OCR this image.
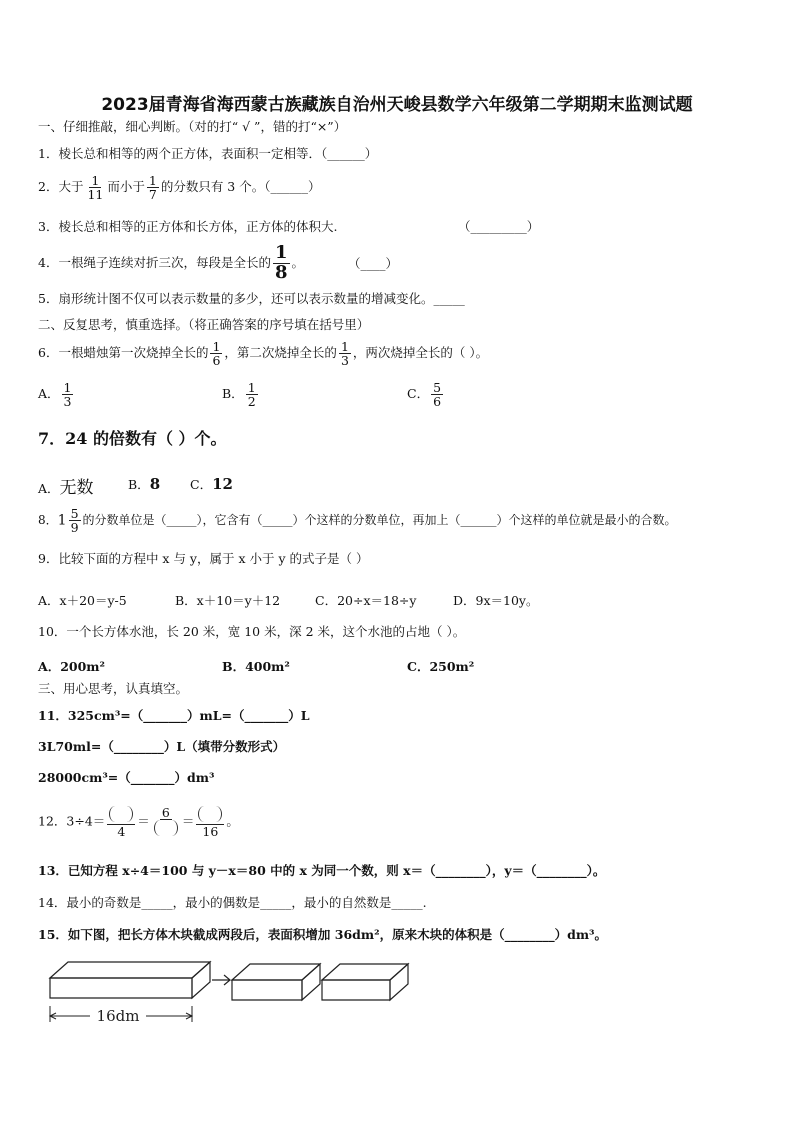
2023届青海省海西蒙古族藏族自治州天峻县数学六年级第二学期期末监测试题
一、仔细推敲，细心判断。（对的打“ √ ”，错的打“×”）
1．棱长总和相等的两个正方体，表面积一定相等．（______）
2．大于 $\frac{1}{11}$ 而小于 $\frac{1}{7}$ 的分数只有 3 个。（______）
3．棱长总和相等的正方体和长方体，正方体的体积大.	（_________）
4．一根绳子连续对折三次，每段是全长的 $\frac{1}{8}$ 。	（____）
5．扇形统计图不仅可以表示数量的多少，还可以表示数量的增减变化。_____
二、反复思考，慎重选择。（将正确答案的序号填在括号里）
6．一根蜡烛第一次烧掉全长的 $\frac{1}{6}$ ，第二次烧掉全长的 $\frac{1}{3}$ ，两次烧掉全长的（ ）。
A． $\frac{1}{3}$	B． $\frac{1}{2}$	C． $\frac{5}{6}$
7．24 的倍数有（ ）个。
A．无数	B．8 C．12
8．$1 \frac{5}{9}$ 的分数单位是（_____），它含有（_____）个这样的分数单位，再加上（______）个这样的单位就是最小的合数。
9．比较下面的方程中 x 与 y，属于 x 小于 y 的式子是（ ）
A．x＋20＝y-5	B．x＋10＝y＋12	C．20÷x＝18÷y	D．9x＝10y。
10．一个长方体水池，长 20 米，宽 10 米，深 2 米，这个水池的占地（ ）。
A．200m²	B．400m²	C．250m²
三、用心思考，认真填空。
11．325cm³=（_______）mL=（_______）L
3L70ml=（________）L（填带分数形式）
28000cm³=（_______）dm³
12．3÷4＝
4
＝
6
＝
16
。
13．已知方程 x÷4＝100 与 y－x＝80 中的 x 为同一个数，则 x＝（________），y＝（________）。
14．最小的奇数是_____，最小的偶数是_____，最小的自然数是_____.
15．如下图，把长方体木块截成两段后，表面积增加 36dm²，原来木块的体积是（________）dm³。
16dm
